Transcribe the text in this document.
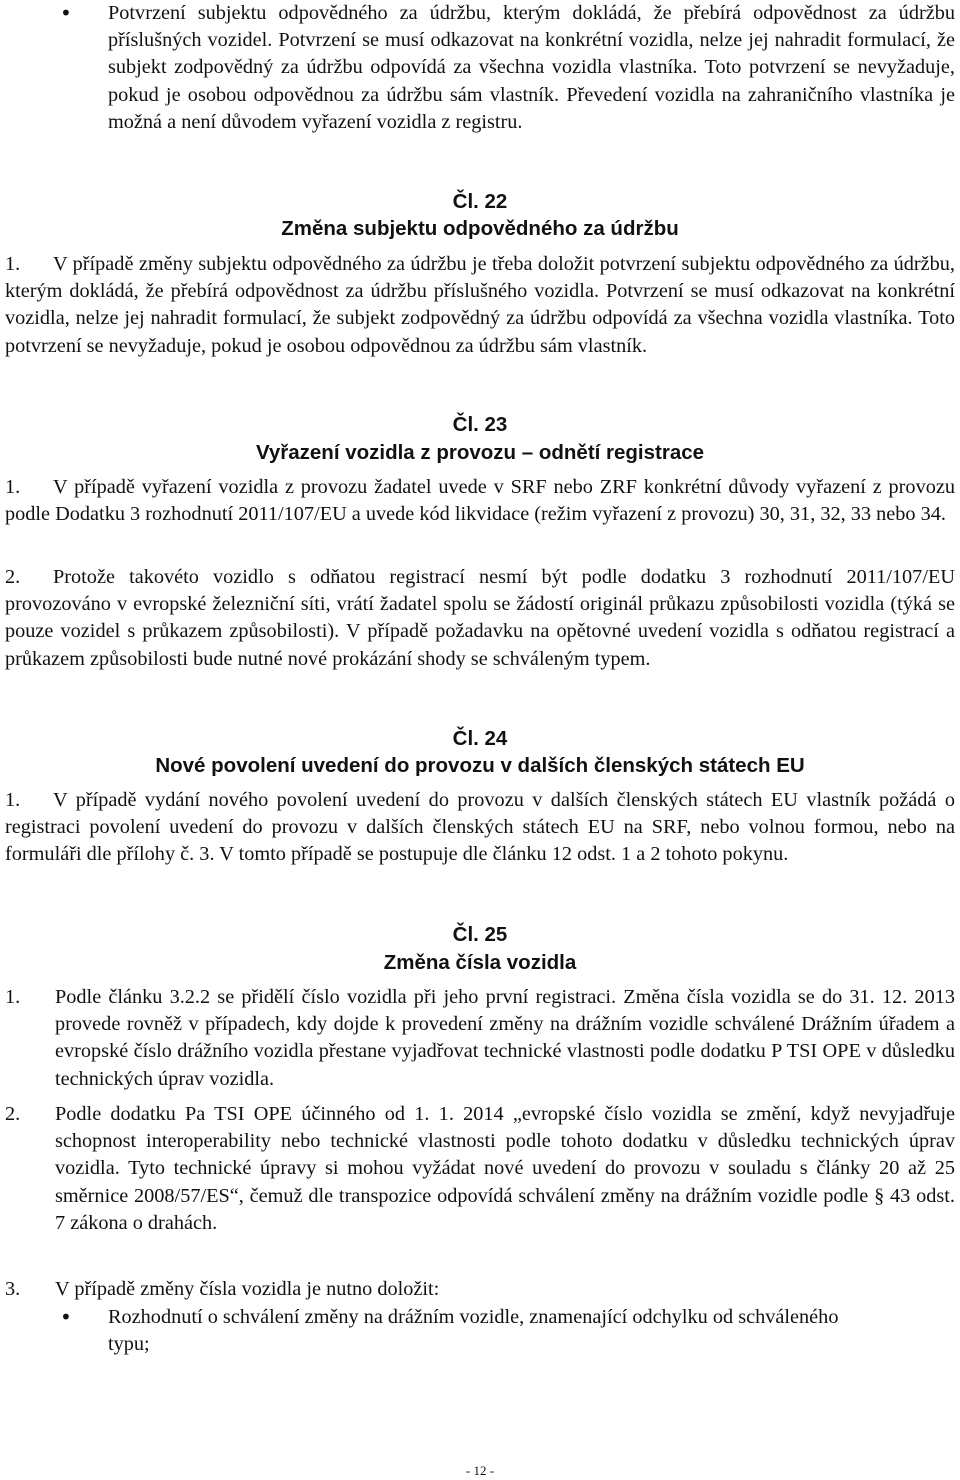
• Potvrzení subjektu odpovědného za údržbu, kterým dokládá, že přebírá odpovědnost za údržbu příslušných vozidel. Potvrzení se musí odkazovat na konkrétní vozidla, nelze jej nahradit formulací, že subjekt zodpovědný za údržbu odpovídá za všechna vozidla vlastníka. Toto potvrzení se nevyžaduje, pokud je osobou odpovědnou za údržbu sám vlastník. Převedení vozidla na zahraničního vlastníka je možná a není důvodem vyřazení vozidla z registru.
Čl. 22
Změna subjektu odpovědného za údržbu
1.	V případě změny subjektu odpovědného za údržbu je třeba doložit potvrzení subjektu odpovědného za údržbu, kterým dokládá, že přebírá odpovědnost za údržbu příslušného vozidla. Potvrzení se musí odkazovat na konkrétní vozidla, nelze jej nahradit formulací, že subjekt zodpovědný za údržbu odpovídá za všechna vozidla vlastníka. Toto potvrzení se nevyžaduje, pokud je osobou odpovědnou za údržbu sám vlastník.
Čl. 23
Vyřazení vozidla z provozu – odnětí registrace
1.	V případě vyřazení vozidla z provozu žadatel uvede v SRF nebo ZRF konkrétní důvody vyřazení z provozu podle Dodatku 3 rozhodnutí 2011/107/EU a uvede kód likvidace (režim vyřazení z provozu) 30, 31, 32, 33 nebo 34.
2.	Protože takovéto vozidlo s odňatou registrací nesmí být podle dodatku 3 rozhodnutí 2011/107/EU provozováno v evropské železniční síti, vrátí žadatel spolu se žádostí originál průkazu způsobilosti vozidla (týká se pouze vozidel s průkazem způsobilosti). V případě požadavku na opětovné uvedení vozidla s odňatou registrací a průkazem způsobilosti bude nutné nové prokázání shody se schváleným typem.
Čl. 24
Nové povolení uvedení do provozu v dalších členských státech EU
1.	V případě vydání nového povolení uvedení do provozu v dalších členských státech EU vlastník požádá o registraci povolení uvedení do provozu v dalších členských státech EU na SRF, nebo volnou formou, nebo na formuláři dle přílohy č. 3. V tomto případě se postupuje dle článku 12 odst. 1 a 2 tohoto pokynu.
Čl. 25
Změna čísla vozidla
1. Podle článku 3.2.2 se přidělí číslo vozidla při jeho první registraci. Změna čísla vozidla se do 31. 12. 2013 provede rovněž v případech, kdy dojde k provedení změny na drážním vozidle schválené Drážním úřadem a evropské číslo drážního vozidla přestane vyjadřovat technické vlastnosti podle dodatku P TSI OPE v důsledku technických úprav vozidla.
2. Podle dodatku Pa TSI OPE účinného od 1. 1. 2014 „evropské číslo vozidla se změní, když nevyjadřuje schopnost interoperability nebo technické vlastnosti podle tohoto dodatku v důsledku technických úprav vozidla. Tyto technické úpravy si mohou vyžádat nové uvedení do provozu v souladu s články 20 až 25 směrnice 2008/57/ES“, čemuž dle transpozice odpovídá schválení změny na drážním vozidle podle § 43 odst. 7 zákona o drahách.
3. V případě změny čísla vozidla je nutno doložit:
• Rozhodnutí o schválení změny na drážním vozidle, znamenající odchylku od schváleného typu;
- 12 -
